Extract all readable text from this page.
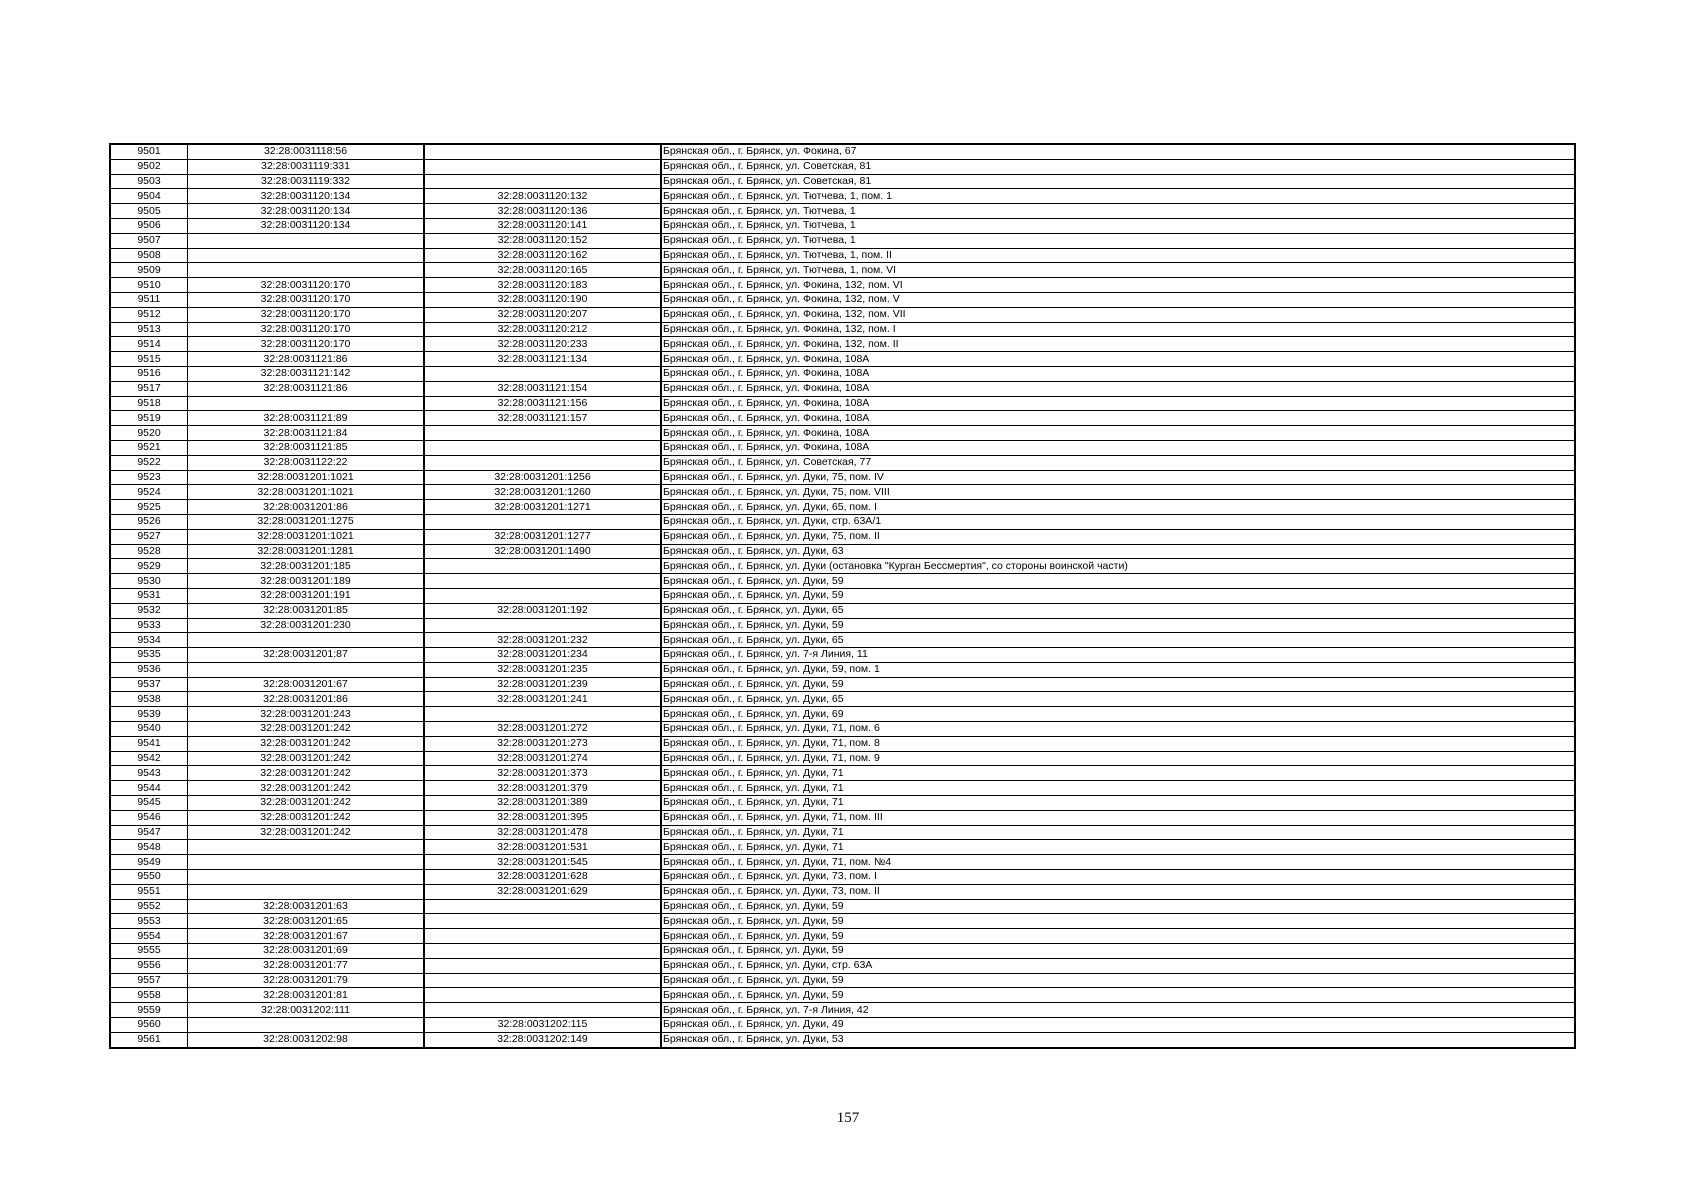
9501	32:28:0031118:56		Брянская обл., г. Брянск, ул. Фокина, 67
9502	32:28:0031119:331		Брянская обл., г. Брянск, ул. Советская, 81
9503	32:28:0031119:332		Брянская обл., г. Брянск, ул. Советская, 81
9504	32:28:0031120:134	32:28:0031120:132	Брянская обл., г. Брянск, ул. Тютчева, 1, пом. 1
9505	32:28:0031120:134	32:28:0031120:136	Брянская обл., г. Брянск, ул. Тютчева, 1
9506	32:28:0031120:134	32:28:0031120:141	Брянская обл., г. Брянск, ул. Тютчева, 1
9507		32:28:0031120:152	Брянская обл., г. Брянск, ул. Тютчева, 1
9508		32:28:0031120:162	Брянская обл., г. Брянск, ул. Тютчева, 1, пом. II
9509		32:28:0031120:165	Брянская обл., г. Брянск, ул. Тютчева, 1, пом. VI
9510	32:28:0031120:170	32:28:0031120:183	Брянская обл., г. Брянск, ул. Фокина, 132, пом. VI
9511	32:28:0031120:170	32:28:0031120:190	Брянская обл., г. Брянск, ул. Фокина, 132, пом. V
9512	32:28:0031120:170	32:28:0031120:207	Брянская обл., г. Брянск, ул. Фокина, 132, пом. VII
9513	32:28:0031120:170	32:28:0031120:212	Брянская обл., г. Брянск, ул. Фокина, 132, пом. I
9514	32:28:0031120:170	32:28:0031120:233	Брянская обл., г. Брянск, ул. Фокина, 132, пом. II
9515	32:28:0031121:86	32:28:0031121:134	Брянская обл., г. Брянск, ул. Фокина, 108А
9516	32:28:0031121:142		Брянская обл., г. Брянск, ул. Фокина, 108А
9517	32:28:0031121:86	32:28:0031121:154	Брянская обл., г. Брянск, ул. Фокина, 108А
9518		32:28:0031121:156	Брянская обл., г. Брянск, ул. Фокина, 108А
9519	32:28:0031121:89	32:28:0031121:157	Брянская обл., г. Брянск, ул. Фокина, 108А
9520	32:28:0031121:84		Брянская обл., г. Брянск, ул. Фокина, 108А
9521	32:28:0031121:85		Брянская обл., г. Брянск, ул. Фокина, 108А
9522	32:28:0031122:22		Брянская обл., г. Брянск, ул. Советская, 77
9523	32:28:0031201:1021	32:28:0031201:1256	Брянская обл., г. Брянск, ул. Дуки, 75, пом. IV
9524	32:28:0031201:1021	32:28:0031201:1260	Брянская обл., г. Брянск, ул. Дуки, 75, пом. VIII
9525	32:28:0031201:86	32:28:0031201:1271	Брянская обл., г. Брянск, ул. Дуки, 65, пом. I
9526	32:28:0031201:1275		Брянская обл., г. Брянск, ул. Дуки, стр. 63А/1
9527	32:28:0031201:1021	32:28:0031201:1277	Брянская обл., г. Брянск, ул. Дуки, 75, пом. II
9528	32:28:0031201:1281	32:28:0031201:1490	Брянская обл., г. Брянск, ул. Дуки, 63
9529	32:28:0031201:185		Брянская обл., г. Брянск, ул. Дуки (остановка "Курган Бессмертия", со стороны воинской части)
9530	32:28:0031201:189		Брянская обл., г. Брянск, ул. Дуки, 59
9531	32:28:0031201:191		Брянская обл., г. Брянск, ул. Дуки, 59
9532	32:28:0031201:85	32:28:0031201:192	Брянская обл., г. Брянск, ул. Дуки, 65
9533	32:28:0031201:230		Брянская обл., г. Брянск, ул. Дуки, 59
9534		32:28:0031201:232	Брянская обл., г. Брянск, ул. Дуки, 65
9535	32:28:0031201:87	32:28:0031201:234	Брянская обл., г. Брянск, ул. 7-я Линия, 11
9536		32:28:0031201:235	Брянская обл., г. Брянск, ул. Дуки, 59, пом. 1
9537	32:28:0031201:67	32:28:0031201:239	Брянская обл., г. Брянск, ул. Дуки, 59
9538	32:28:0031201:86	32:28:0031201:241	Брянская обл., г. Брянск, ул. Дуки, 65
9539	32:28:0031201:243		Брянская обл., г. Брянск, ул. Дуки, 69
9540	32:28:0031201:242	32:28:0031201:272	Брянская обл., г. Брянск, ул. Дуки, 71, пом. 6
9541	32:28:0031201:242	32:28:0031201:273	Брянская обл., г. Брянск, ул. Дуки, 71, пом. 8
9542	32:28:0031201:242	32:28:0031201:274	Брянская обл., г. Брянск, ул. Дуки, 71, пом. 9
9543	32:28:0031201:242	32:28:0031201:373	Брянская обл., г. Брянск, ул. Дуки, 71
9544	32:28:0031201:242	32:28:0031201:379	Брянская обл., г. Брянск, ул. Дуки, 71
9545	32:28:0031201:242	32:28:0031201:389	Брянская обл., г. Брянск, ул. Дуки, 71
9546	32:28:0031201:242	32:28:0031201:395	Брянская обл., г. Брянск, ул. Дуки, 71, пом. III
9547	32:28:0031201:242	32:28:0031201:478	Брянская обл., г. Брянск, ул. Дуки, 71
9548		32:28:0031201:531	Брянская обл., г. Брянск, ул. Дуки, 71
9549		32:28:0031201:545	Брянская обл., г. Брянск, ул. Дуки, 71, пом. №4
9550		32:28:0031201:628	Брянская обл., г. Брянск, ул. Дуки, 73, пом. I
9551		32:28:0031201:629	Брянская обл., г. Брянск, ул. Дуки, 73, пом. II
9552	32:28:0031201:63		Брянская обл., г. Брянск, ул. Дуки, 59
9553	32:28:0031201:65		Брянская обл., г. Брянск, ул. Дуки, 59
9554	32:28:0031201:67		Брянская обл., г. Брянск, ул. Дуки, 59
9555	32:28:0031201:69		Брянская обл., г. Брянск, ул. Дуки, 59
9556	32:28:0031201:77		Брянская обл., г. Брянск, ул. Дуки, стр. 63А
9557	32:28:0031201:79		Брянская обл., г. Брянск, ул. Дуки, 59
9558	32:28:0031201:81		Брянская обл., г. Брянск, ул. Дуки, 59
9559	32:28:0031202:111		Брянская обл., г. Брянск, ул. 7-я Линия, 42
9560		32:28:0031202:115	Брянская обл., г. Брянск, ул. Дуки, 49
9561	32:28:0031202:98	32:28:0031202:149	Брянская обл., г. Брянск, ул. Дуки, 53
157
